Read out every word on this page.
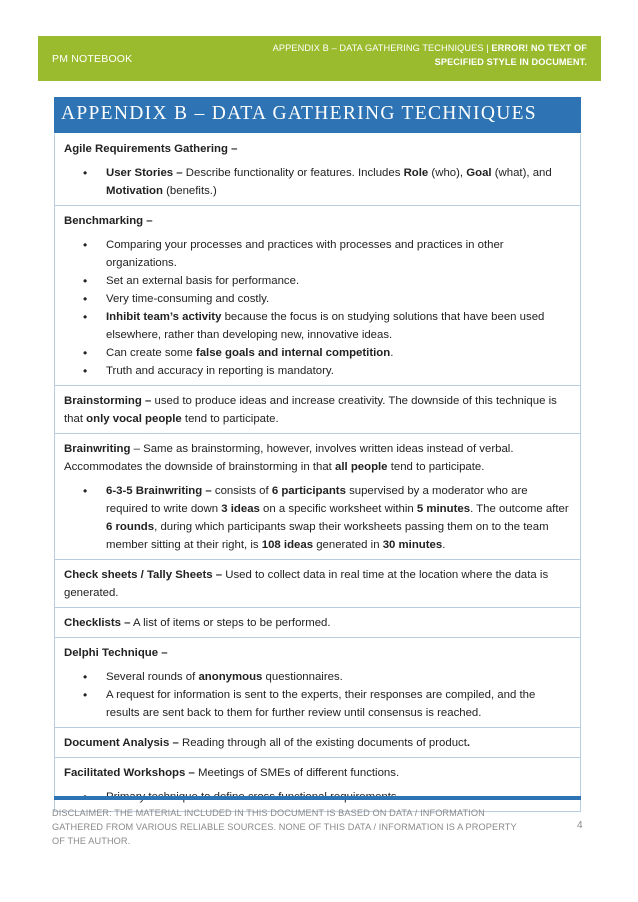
PM NOTEBOOK
APPENDIX B – DATA GATHERING TECHNIQUES | ERROR! NO TEXT OF SPECIFIED STYLE IN DOCUMENT.
APPENDIX B – DATA GATHERING TECHNIQUES

Agile Requirements Gathering –

• User Stories – Describe functionality or features. Includes Role (who), Goal (what), and Motivation (benefits.)

Benchmarking –

• Comparing your processes and practices with processes and practices in other organizations.
• Set an external basis for performance.
• Very time-consuming and costly.
• Inhibit team’s activity because the focus is on studying solutions that have been used elsewhere, rather than developing new, innovative ideas.
• Can create some false goals and internal competition.
• Truth and accuracy in reporting is mandatory.

Brainstorming – used to produce ideas and increase creativity. The downside of this technique is that only vocal people tend to participate.

Brainwriting – Same as brainstorming, however, involves written ideas instead of verbal. Accommodates the downside of brainstorming in that all people tend to participate.

• 6-3-5 Brainwriting – consists of 6 participants supervised by a moderator who are required to write down 3 ideas on a specific worksheet within 5 minutes. The outcome after 6 rounds, during which participants swap their worksheets passing them on to the team member sitting at their right, is 108 ideas generated in 30 minutes.

Check sheets / Tally Sheets – Used to collect data in real time at the location where the data is generated.

Checklists – A list of items or steps to be performed.

Delphi Technique –

• Several rounds of anonymous questionnaires.
• A request for information is sent to the experts, their responses are compiled, and the results are sent back to them for further review until consensus is reached.

Document Analysis – Reading through all of the existing documents of product.

Facilitated Workshops – Meetings of SMEs of different functions.

•
DISCLAIMER: THE MATERIAL INCLUDED IN THIS DOCUMENT IS BASED ON DATA / INFORMATION GATHERED FROM VARIOUS RELIABLE SOURCES. NONE OF THIS DATA / INFORMATION IS A PROPERTY OF THE AUTHOR.
4
